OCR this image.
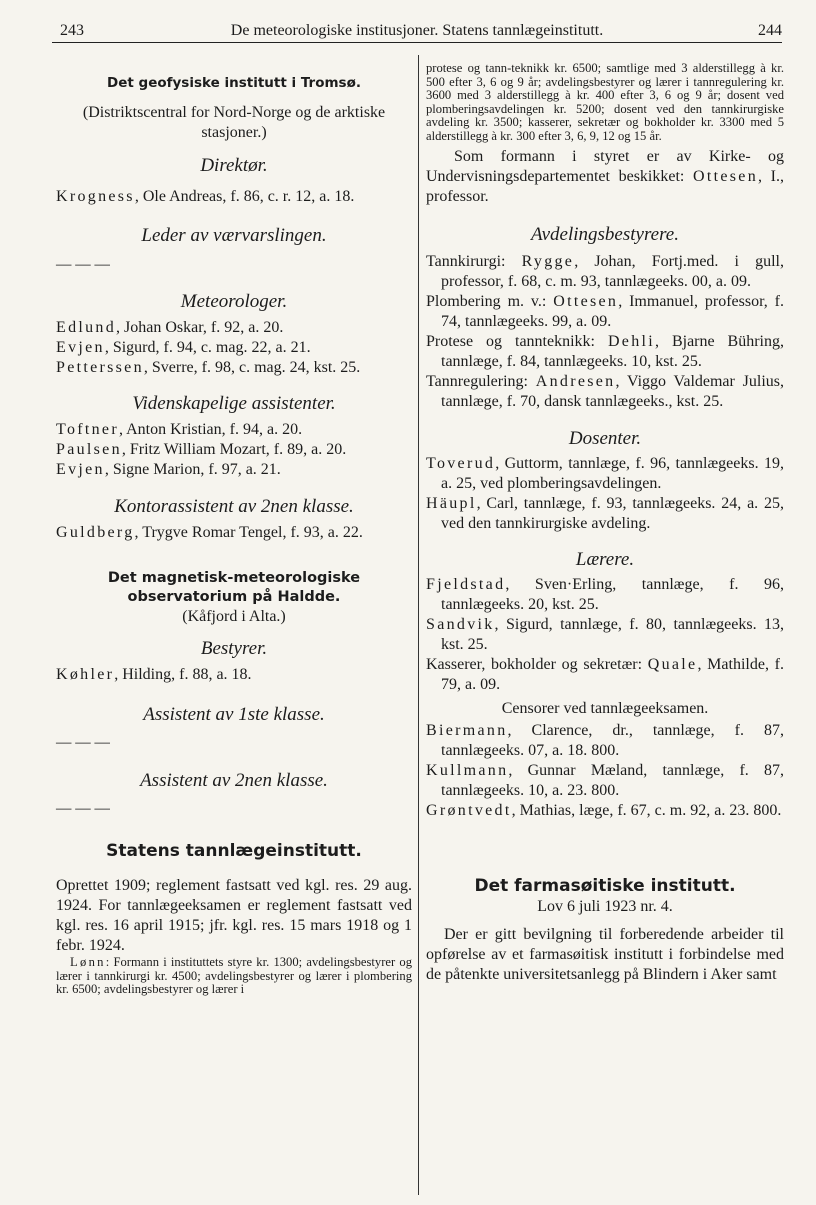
243	De meteorologiske institusjoner. Statens tannlægeinstitutt.	244

Det geofysiske institutt i Tromsø.

(Distriktscentral for Nord-Norge og de arktiske stasjoner.)

Direktør.

Krogness, Ole Andreas, f. 86, c. r. 12, a. 18.

Leder av værvarslingen.

— — —

Meteorologer.

Edlund, Johan Oskar, f. 92, a. 20.

Evjen, Sigurd, f. 94, c. mag. 22, a. 21.

Petterssen, Sverre, f. 98, c. mag. 24, kst. 25.

Videnskapelige assistenter.

Toftner, Anton Kristian, f. 94, a. 20.

Paulsen, Fritz William Mozart, f. 89, a. 20.

Evjen, Signe Marion, f. 97, a. 21.

Kontorassistent av 2nen klasse.

Guldberg, Trygve Romar Tengel, f. 93, a. 22.

Det magnetisk-meteorologiske observatorium på Haldde.

(Kåfjord i Alta.)

Bestyrer.

Køhler, Hilding, f. 88, a. 18.

Assistent av 1ste klasse.

— — —

Assistent av 2nen klasse.

— — —

Statens tannlægeinstitutt.

Oprettet 1909; reglement fastsatt ved kgl. res. 29 aug. 1924. For tannlægeeksamen er reglement fastsatt ved kgl. res. 16 april 1915; jfr. kgl. res. 15 mars 1918 og 1 febr. 1924.

Lønn: Formann i instituttets styre kr. 1300; avdelingsbestyrer og lærer i tannkirurgi kr. 4500; avdelingsbestyrer og lærer i plombering kr. 6500; avdelingsbestyrer og lærer i

protese og tann-teknikk kr. 6500; samtlige med 3 alderstillegg à kr. 500 efter 3, 6 og 9 år; avdelingsbestyrer og lærer i tannregulering kr. 3600 med 3 alderstillegg à kr. 400 efter 3, 6 og 9 år; dosent ved plomberingsavdelingen kr. 5200; dosent ved den tannkirurgiske avdeling kr. 3500; kasserer, sekretær og bokholder kr. 3300 med 5 alderstillegg à kr. 300 efter 3, 6, 9, 12 og 15 år.

Som formann i styret er av Kirke- og Undervisningsdepartementet beskikket: Ottesen, I., professor.

Avdelingsbestyrere.

Tannkirurgi: Rygge, Johan, Fortj.med. i gull, professor, f. 68, c. m. 93, tannlægeeks. 00, a. 09.

Plombering m. v.: Ottesen, Immanuel, professor, f. 74, tannlægeeks. 99, a. 09.

Protese og tannteknikk: Dehli, Bjarne Bühring, tannlæge, f. 84, tannlægeeks. 10, kst. 25.

Tannregulering: Andresen, Viggo Valdemar Julius, tannlæge, f. 70, dansk tannlægeeks., kst. 25.

Dosenter.

Toverud, Guttorm, tannlæge, f. 96, tannlægeeks. 19, a. 25, ved plomberingsavdelingen.

Häupl, Carl, tannlæge, f. 93, tannlægeeks. 24, a. 25, ved den tannkirurgiske avdeling.

Lærere.

Fjeldstad, Sven·Erling, tannlæge, f. 96, tannlægeeks. 20, kst. 25.

Sandvik, Sigurd, tannlæge, f. 80, tannlægeeks. 13, kst. 25.

Kasserer, bokholder og sekretær: Quale, Mathilde, f. 79, a. 09.

Censorer ved tannlægeeksamen.

Biermann, Clarence, dr., tannlæge, f. 87, tannlægeeks. 07, a. 18. 800.

Kullmann, Gunnar Mæland, tannlæge, f. 87, tannlægeeks. 10, a. 23. 800.

Grøntvedt, Mathias, læge, f. 67, c. m. 92, a. 23. 800.

Det farmasøitiske institutt.

Lov 6 juli 1923 nr. 4.

Der er gitt bevilgning til forberedende arbeider til opførelse av et farmasøitisk institutt i forbindelse med de påtenkte universitetsanlegg på Blindern i Aker samt
